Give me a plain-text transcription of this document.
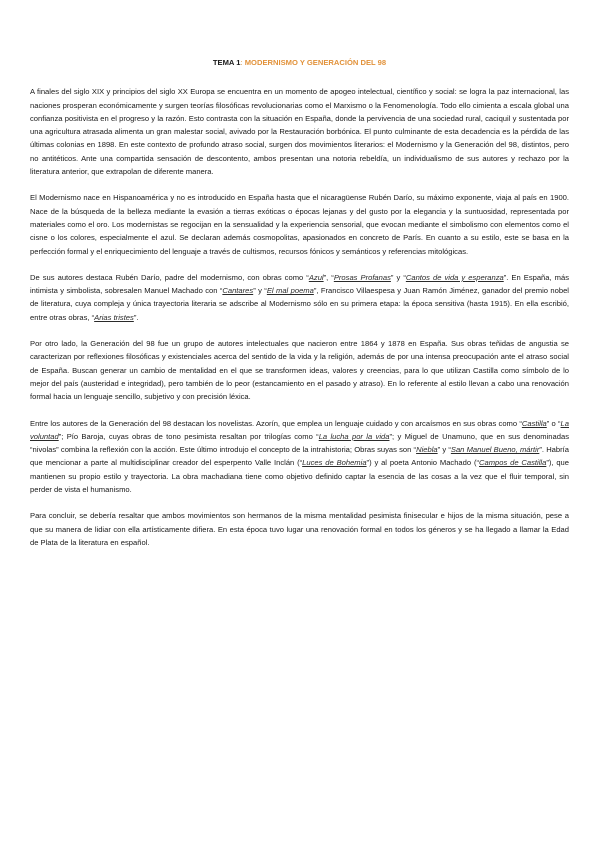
TEMA 1: MODERNISMO Y GENERACIÓN DEL 98

A finales del siglo XIX y principios del siglo XX Europa se encuentra en un momento de apogeo intelectual, científico y social: se logra la paz internacional, las naciones prosperan económicamente y surgen teorías filosóficas revolucionarias como el Marxismo o la Fenomenología. Todo ello cimienta a escala global una confianza positivista en el progreso y la razón. Esto contrasta con la situación en España, donde la pervivencia de una sociedad rural, caciquil y sustentada por una agricultura atrasada alimenta un gran malestar social, avivado por la Restauración borbónica. El punto culminante de esta decadencia es la pérdida de las últimas colonias en 1898. En este contexto de profundo atraso social, surgen dos movimientos literarios: el Modernismo y la Generación del 98, distintos, pero no antitéticos. Ante una compartida sensación de descontento, ambos presentan una notoria rebeldía, un individualismo de sus autores y rechazo por la literatura anterior, que extrapolan de diferente manera.

El Modernismo nace en Hispanoamérica y no es introducido en España hasta que el nicaragüense Rubén Darío, su máximo exponente, viaja al país en 1900. Nace de la búsqueda de la belleza mediante la evasión a tierras exóticas o épocas lejanas y del gusto por la elegancia y la suntuosidad, representada por materiales como el oro. Los modernistas se regocijan en la sensualidad y la experiencia sensorial, que evocan mediante el simbolismo con elementos como el cisne o los colores, especialmente el azul. Se declaran además cosmopolitas, apasionados en concreto de París. En cuanto a su estilo, este se basa en la perfección formal y el enriquecimiento del lenguaje a través de cultismos, recursos fónicos y semánticos y referencias mitológicas.

De sus autores destaca Rubén Darío, padre del modernismo, con obras como “Azul”, “Prosas Profanas” y “Cantos de vida y esperanza”. En España, más intimista y simbolista, sobresalen Manuel Machado con “Cantares” y “El mal poema”, Francisco Villaespesa y Juan Ramón Jiménez, ganador del premio nobel de literatura, cuya compleja y única trayectoria literaria se adscribe al Modernismo sólo en su primera etapa: la época sensitiva (hasta 1915). En ella escribió, entre otras obras, “Arias tristes”.

Por otro lado, la Generación del 98 fue un grupo de autores intelectuales que nacieron entre 1864 y 1878 en España. Sus obras teñidas de angustia se caracterizan por reflexiones filosóficas y existenciales acerca del sentido de la vida y la religión, además de por una intensa preocupación ante el atraso social de España. Buscan generar un cambio de mentalidad en el que se transformen ideas, valores y creencias, para lo que utilizan Castilla como símbolo de lo mejor del país (austeridad e integridad), pero también de lo peor (estancamiento en el pasado y atraso). En lo referente al estilo llevan a cabo una renovación formal hacia un lenguaje sencillo, subjetivo y con precisión léxica.

Entre los autores de la Generación del 98 destacan los novelistas. Azorín, que emplea un lenguaje cuidado y con arcaísmos en sus obras como “Castilla” o “La voluntad”; Pío Baroja, cuyas obras de tono pesimista resaltan por trilogías como “La lucha por la vida”; y Miguel de Unamuno, que en sus denominadas “nivolas” combina la reflexión con la acción. Este último introdujo el concepto de la intrahistoria; Obras suyas son “Niebla” y “San Manuel Bueno, mártir”. Habría que mencionar a parte al multidisciplinar creador del esperpento Valle Inclán (“Luces de Bohemia”) y al poeta Antonio Machado (“Campos de Castilla”), que mantienen su propio estilo y trayectoria. La obra machadiana tiene como objetivo definido captar la esencia de las cosas a la vez que el fluir temporal, sin perder de vista el humanismo.

Para concluir, se debería resaltar que ambos movimientos son hermanos de la misma mentalidad pesimista finisecular e hijos de la misma situación, pese a que su manera de lidiar con ella artísticamente difiera. En esta época tuvo lugar una renovación formal en todos los géneros y se ha llegado a llamar la Edad de Plata de la literatura en español.
